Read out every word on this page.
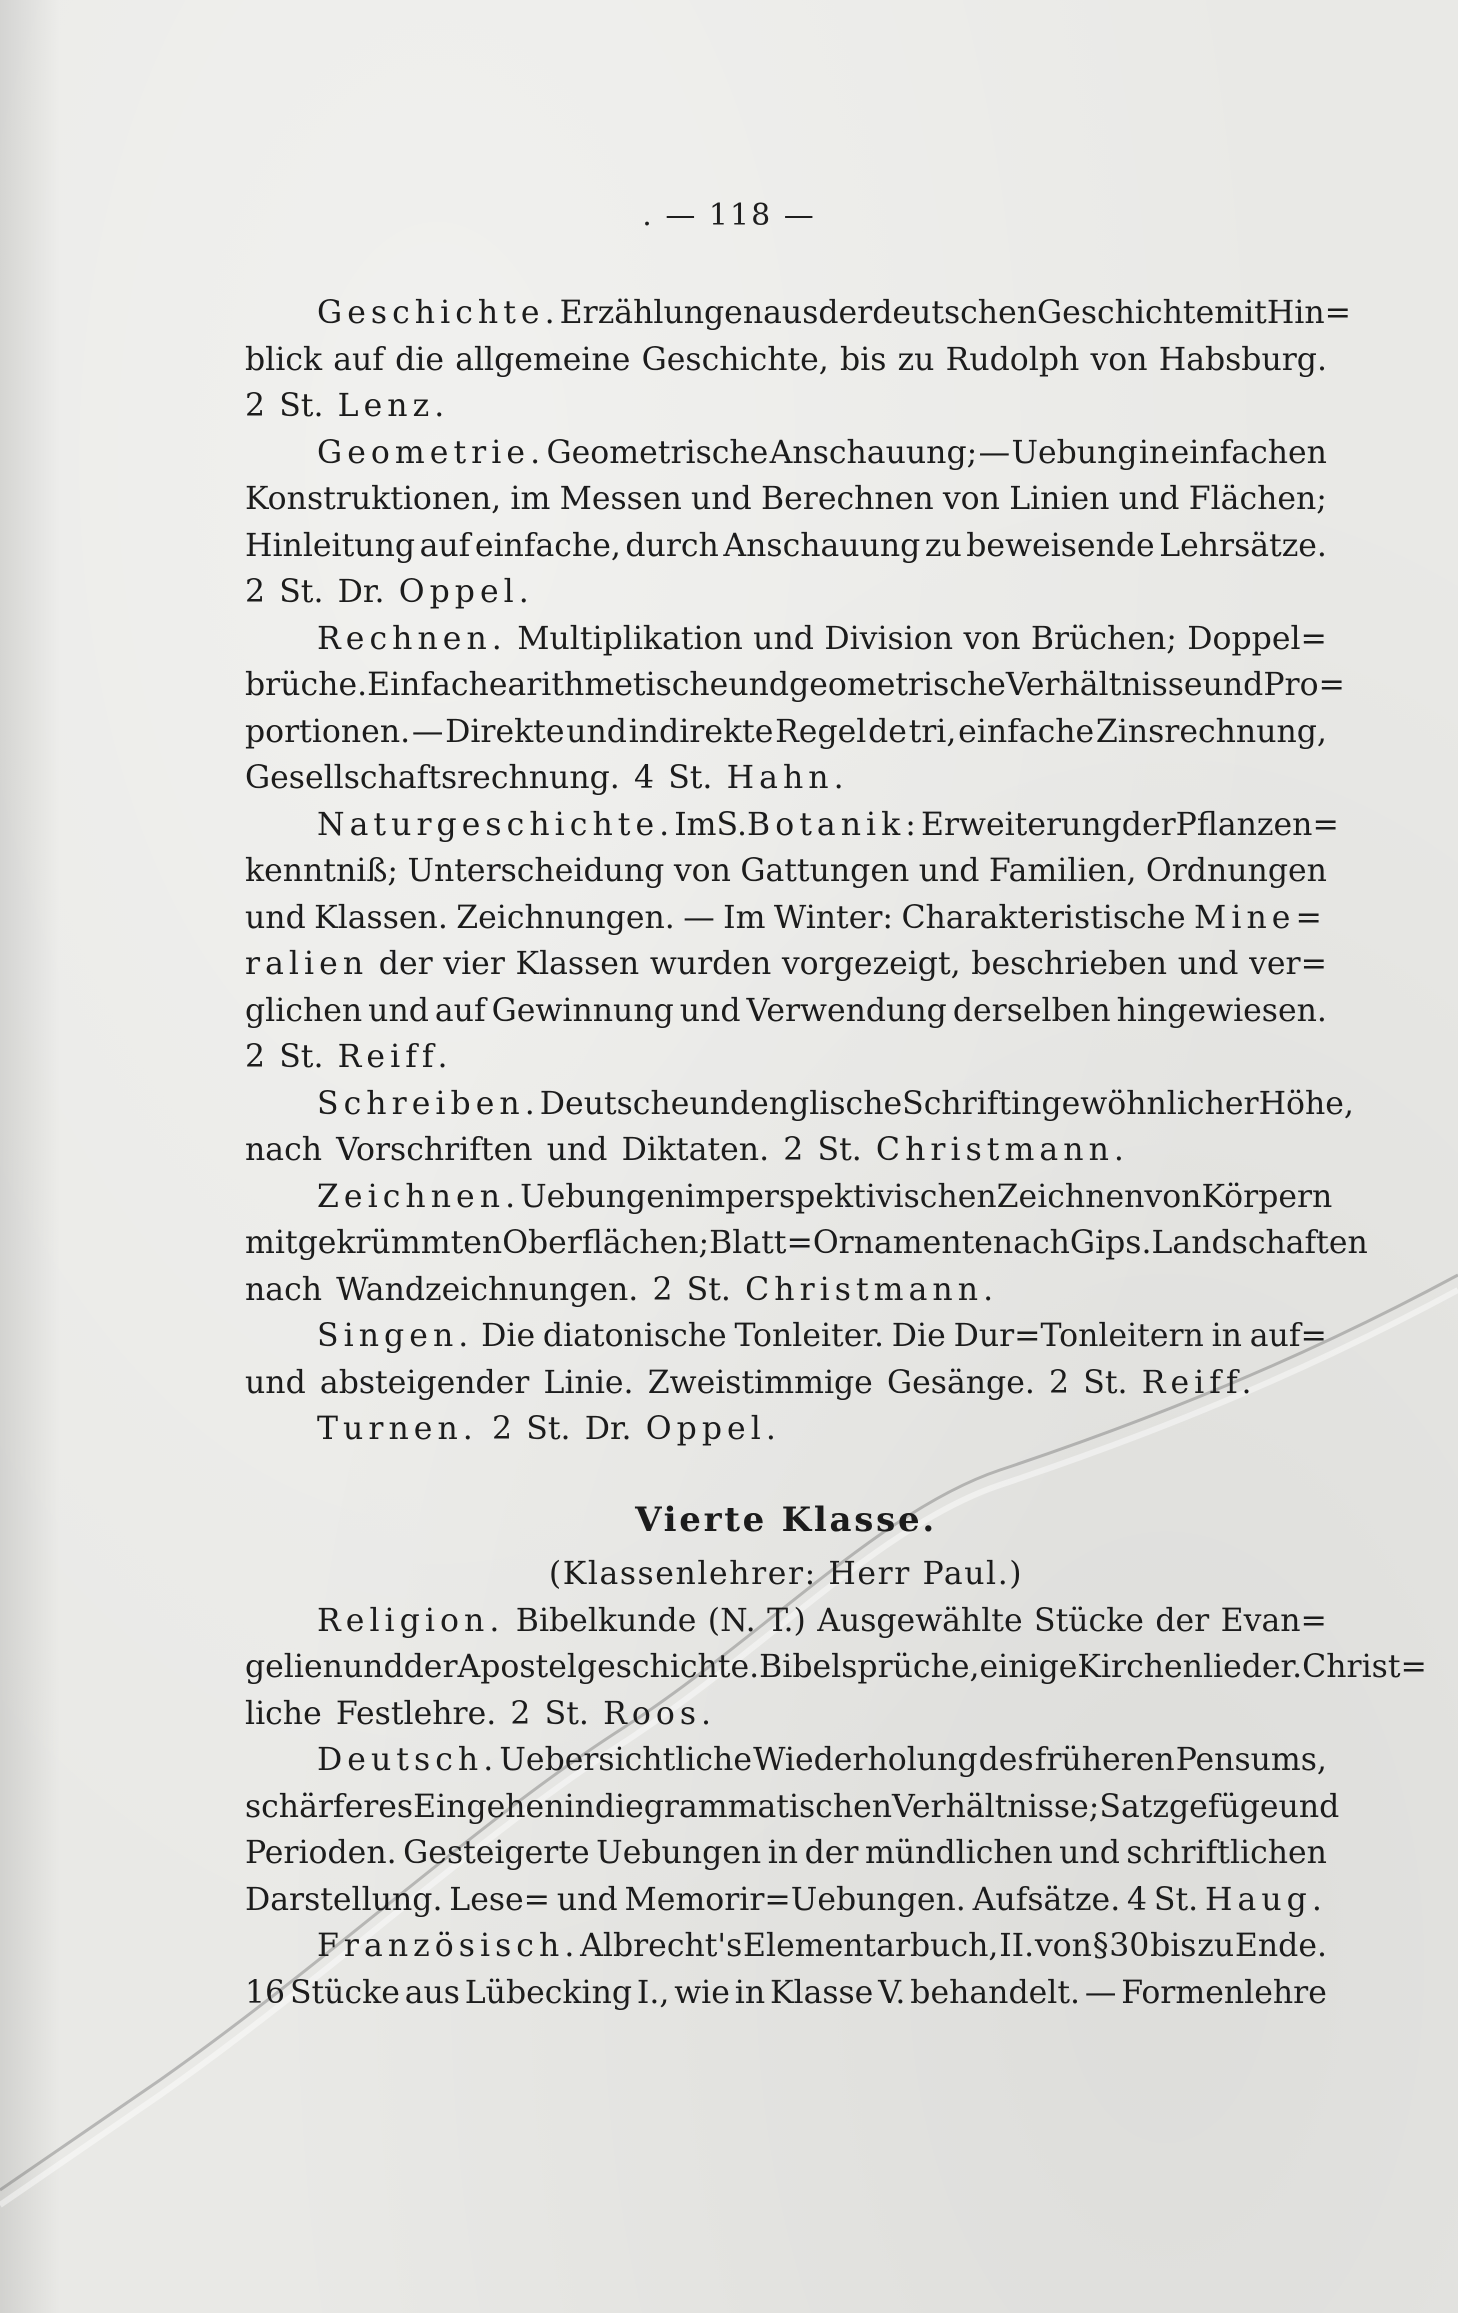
. — 118 —
Geschichte. Erzählungen aus der deutschen Geschichte mit Hin=
blick auf die allgemeine Geschichte, bis zu Rudolph von Habsburg.
2 St. Lenz.
Geometrie. Geometrische Anschauung; — Uebung in einfachen
Konstruktionen, im Messen und Berechnen von Linien und Flächen;
Hinleitung auf einfache, durch Anschauung zu beweisende Lehrsätze.
2 St. Dr. Oppel.
Rechnen. Multiplikation und Division von Brüchen; Doppel=
brüche. Einfache arithmetische und geometrische Verhältnisse und Pro=
portionen. — Direkte und indirekte Regel de tri, einfache Zinsrechnung,
Gesellschaftsrechnung. 4 St. Hahn.
Naturgeschichte. Im S. Botanik: Erweiterung der Pflanzen=
kenntniß; Unterscheidung von Gattungen und Familien, Ordnungen
und Klassen. Zeichnungen. — Im Winter: Charakteristische Mine=
ralien der vier Klassen wurden vorgezeigt, beschrieben und ver=
glichen und auf Gewinnung und Verwendung derselben hingewiesen.
2 St. Reiff.
Schreiben. Deutsche und englische Schrift in gewöhnlicher Höhe,
nach Vorschriften und Diktaten. 2 St. Christmann.
Zeichnen. Uebungen im perspektivischen Zeichnen von Körpern
mit gekrümmten Oberflächen; Blatt=Ornamente nach Gips. Landschaften
nach Wandzeichnungen. 2 St. Christmann.
Singen. Die diatonische Tonleiter. Die Dur=Tonleitern in auf=
und absteigender Linie. Zweistimmige Gesänge. 2 St. Reiff.
Turnen. 2 St. Dr. Oppel.
Vierte Klasse.
(Klassenlehrer: Herr Paul.)
Religion. Bibelkunde (N. T.) Ausgewählte Stücke der Evan=
gelien und der Apostelgeschichte. Bibelsprüche, einige Kirchenlieder. Christ=
liche Festlehre. 2 St. Roos.
Deutsch. Uebersichtliche Wiederholung des früheren Pensums,
schärferes Eingehen in die grammatischen Verhältnisse; Satzgefüge und
Perioden. Gesteigerte Uebungen in der mündlichen und schriftlichen
Darstellung. Lese= und Memorir=Uebungen. Aufsätze. 4 St. Haug.
Französisch. Albrecht's Elementarbuch, II. von § 30 bis zu Ende.
16 Stücke aus Lübecking I., wie in Klasse V. behandelt. — Formenlehre
